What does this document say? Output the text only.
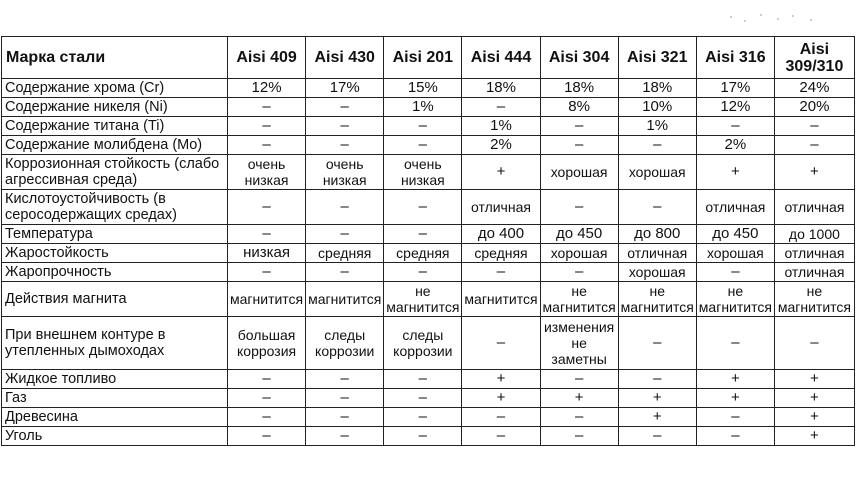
Марка стали	Aisi 409	Aisi 430	Aisi 201	Aisi 444	Aisi 304	Aisi 321	Aisi 316	Aisi 309/310
Содержание хрома (Cr)	12%	17%	15%	18%	18%	18%	17%	24%
Содержание никеля (Ni)	–	–	1%	–	8%	10%	12%	20%
Содержание титана (Ti)	–	–	–	1%	–	1%	–	–
Содержание молибдена (Mo)	–	–	–	2%	–	–	2%	–
Коррозионная стойкость (слабо агрессивная среда)	очень низкая	очень низкая	очень низкая	+	хорошая	хорошая	+	+
Кислотоустойчивость (в серосодержащих средах)	–	–	–	отличная	–	–	отличная	отличная
Температура	–	–	–	до 400	до 450	до 800	до 450	до 1000
Жаростойкость	низкая	средняя	средняя	средняя	хорошая	отличная	хорошая	отличная
Жаропрочность	–	–	–	–	–	хорошая	–	отличная
Действия магнита	магнитится	магнитится	не магнитится	магнитится	не магнитится	не магнитится	не магнитится	не магнитится
При внешнем контуре в утепленных дымоходах	большая коррозия	следы коррозии	следы коррозии	–	изменения не заметны	–	–	–
Жидкое топливо	–	–	–	+	–	–	+	+
Газ	–	–	–	+	+	+	+	+
Древесина	–	–	–	–	–	+	–	+
Уголь	–	–	–	–	–	–	–	+
